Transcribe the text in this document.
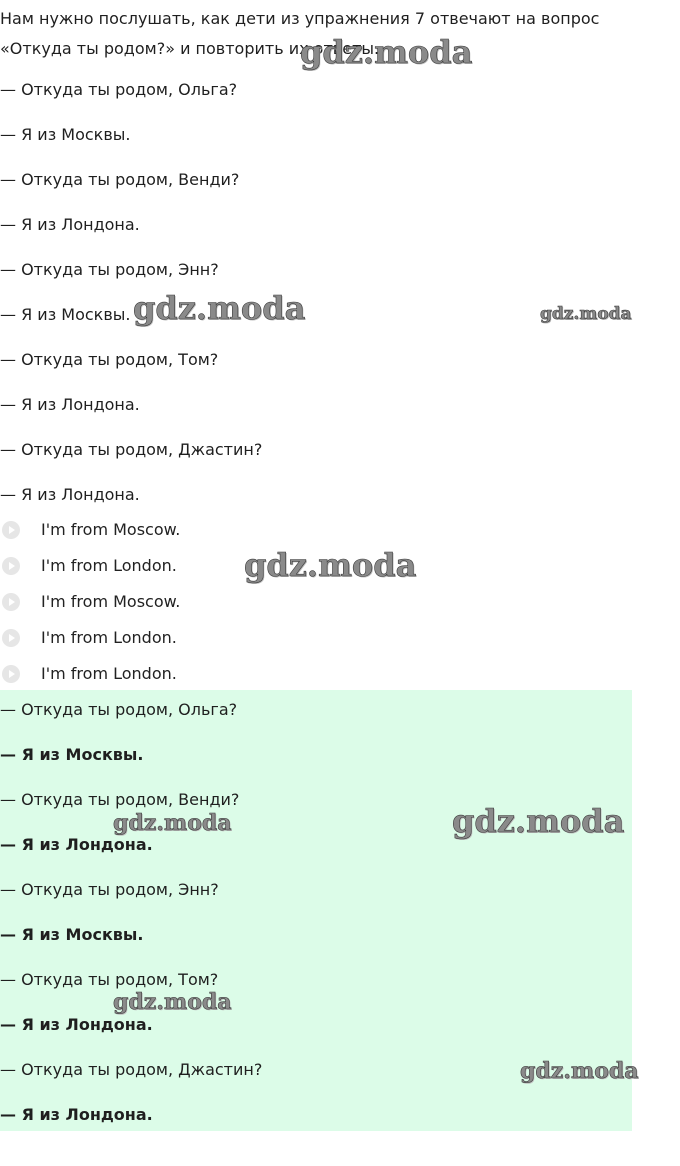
Нам нужно послушать, как дети из упражнения 7 отвечают на вопрос «Откуда ты родом?» и повторить их ответы.

— Откуда ты родом, Ольга?
— Я из Москвы.
— Откуда ты родом, Венди?
— Я из Лондона.
— Откуда ты родом, Энн?
— Я из Москвы.
— Откуда ты родом, Том?
— Я из Лондона.
— Откуда ты родом, Джастин?
— Я из Лондона.
I'm from Moscow.
I'm from London.
I'm from Moscow.
I'm from London.
I'm from London.
— Откуда ты родом, Ольга?
— Я из Москвы.
— Откуда ты родом, Венди?
— Я из Лондона.
— Откуда ты родом, Энн?
— Я из Москвы.
— Откуда ты родом, Том?
— Я из Лондона.
— Откуда ты родом, Джастин?
— Я из Лондона.
gdz.moda
gdz.moda	gdz.moda
gdz.moda
gdz.moda	gdz.moda
gdz.moda
gdz.moda
